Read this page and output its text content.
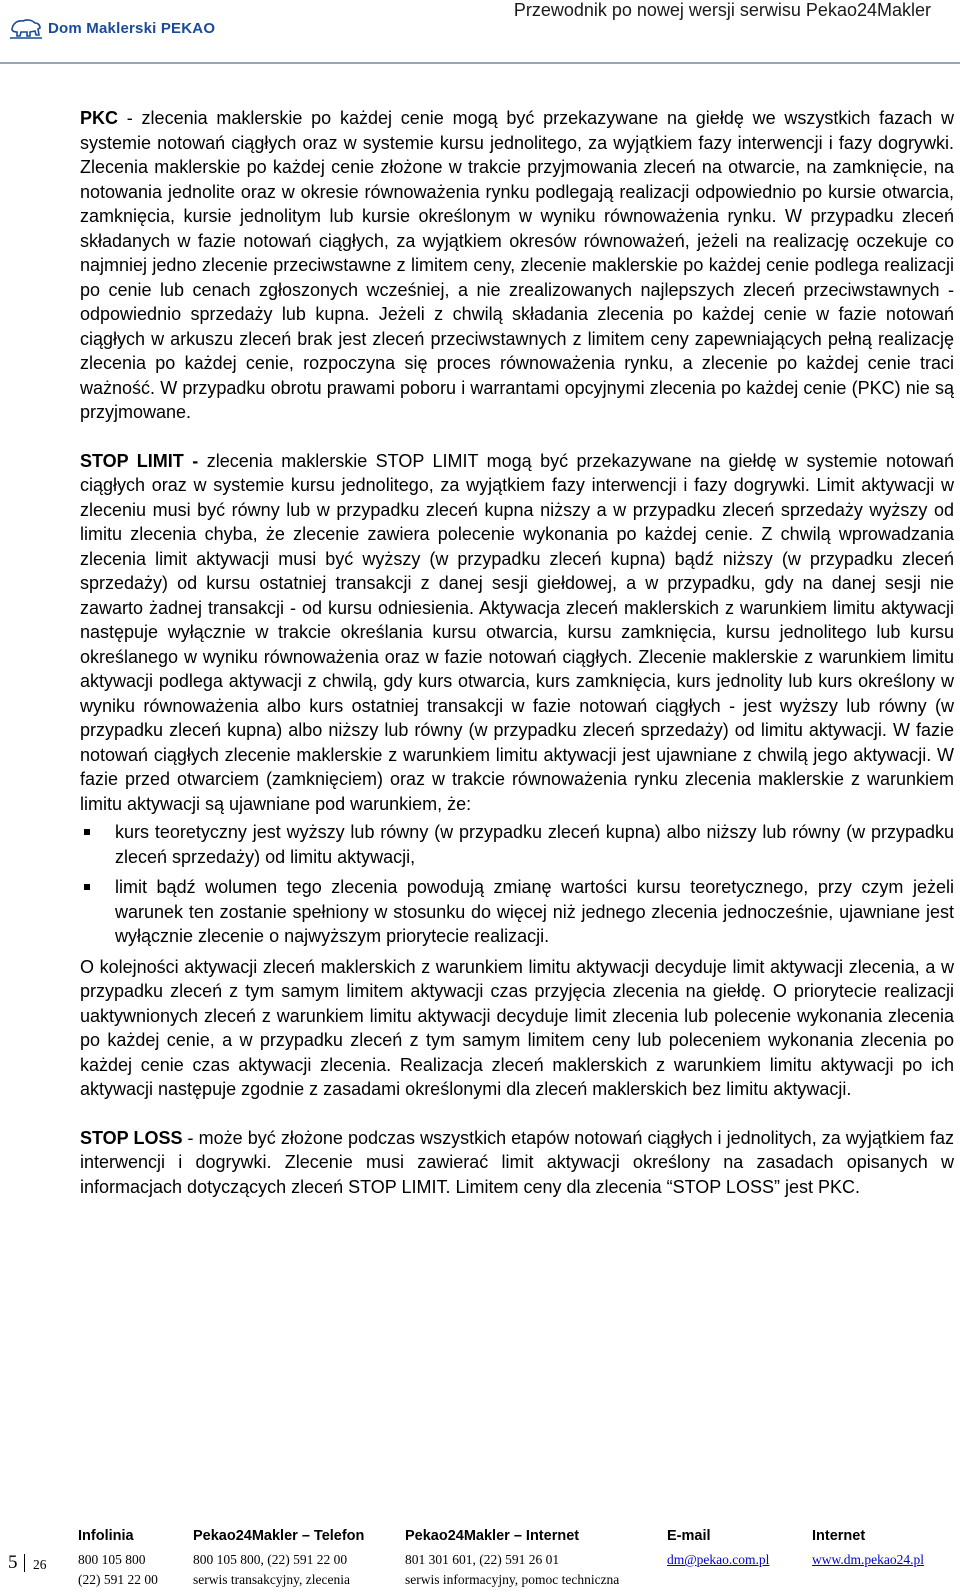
Dom Maklerski PEKAO
Przewodnik po nowej wersji serwisu Pekao24Makler

PKC - zlecenia maklerskie po każdej cenie mogą być przekazywane na giełdę we wszystkich fazach w systemie notowań ciągłych oraz w systemie kursu jednolitego, za wyjątkiem fazy interwencji i fazy dogrywki. Zlecenia maklerskie po każdej cenie złożone w trakcie przyjmowania zleceń na otwarcie, na zamknięcie, na notowania jednolite oraz w okresie równoważenia rynku podlegają realizacji odpowiednio po kursie otwarcia, zamknięcia, kursie jednolitym lub kursie określonym w wyniku równoważenia rynku. W przypadku zleceń składanych w fazie notowań ciągłych, za wyjątkiem okresów równoważeń, jeżeli na realizację oczekuje co najmniej jedno zlecenie przeciwstawne z limitem ceny, zlecenie maklerskie po każdej cenie podlega realizacji po cenie lub cenach zgłoszonych wcześniej, a nie zrealizowanych najlepszych zleceń przeciwstawnych - odpowiednio sprzedaży lub kupna. Jeżeli z chwilą składania zlecenia po każdej cenie w fazie notowań ciągłych w arkuszu zleceń brak jest zleceń przeciwstawnych z limitem ceny zapewniających pełną realizację zlecenia po każdej cenie, rozpoczyna się proces równoważenia rynku, a zlecenie po każdej cenie traci ważność. W przypadku obrotu prawami poboru i warrantami opcyjnymi zlecenia po każdej cenie (PKC) nie są przyjmowane.

STOP LIMIT - zlecenia maklerskie STOP LIMIT mogą być przekazywane na giełdę w systemie notowań ciągłych oraz w systemie kursu jednolitego, za wyjątkiem fazy interwencji i fazy dogrywki. Limit aktywacji w zleceniu musi być równy lub w przypadku zleceń kupna niższy a w przypadku zleceń sprzedaży wyższy od limitu zlecenia chyba, że zlecenie zawiera polecenie wykonania po każdej cenie. Z chwilą wprowadzania zlecenia limit aktywacji musi być wyższy (w przypadku zleceń kupna) bądź niższy (w przypadku zleceń sprzedaży) od kursu ostatniej transakcji z danej sesji giełdowej, a w przypadku, gdy na danej sesji nie zawarto żadnej transakcji - od kursu odniesienia. Aktywacja zleceń maklerskich z warunkiem limitu aktywacji następuje wyłącznie w trakcie określania kursu otwarcia, kursu zamknięcia, kursu jednolitego lub kursu określanego w wyniku równoważenia oraz w fazie notowań ciągłych. Zlecenie maklerskie z warunkiem limitu aktywacji podlega aktywacji z chwilą, gdy kurs otwarcia, kurs zamknięcia, kurs jednolity lub kurs określony w wyniku równoważenia albo kurs ostatniej transakcji w fazie notowań ciągłych - jest wyższy lub równy (w przypadku zleceń kupna) albo niższy lub równy (w przypadku zleceń sprzedaży) od limitu aktywacji. W fazie notowań ciągłych zlecenie maklerskie z warunkiem limitu aktywacji jest ujawniane z chwilą jego aktywacji. W fazie przed otwarciem (zamknięciem) oraz w trakcie równoważenia rynku zlecenia maklerskie z warunkiem limitu aktywacji są ujawniane pod warunkiem, że:

kurs teoretyczny jest wyższy lub równy (w przypadku zleceń kupna) albo niższy lub równy (w przypadku zleceń sprzedaży) od limitu aktywacji,
limit bądź wolumen tego zlecenia powodują zmianę wartości kursu teoretycznego, przy czym jeżeli warunek ten zostanie spełniony w stosunku do więcej niż jednego zlecenia jednocześnie, ujawniane jest wyłącznie zlecenie o najwyższym priorytecie realizacji.

O kolejności aktywacji zleceń maklerskich z warunkiem limitu aktywacji decyduje limit aktywacji zlecenia, a w przypadku zleceń z tym samym limitem aktywacji czas przyjęcia zlecenia na giełdę. O priorytecie realizacji uaktywnionych zleceń z warunkiem limitu aktywacji decyduje limit zlecenia lub polecenie wykonania zlecenia po każdej cenie, a w przypadku zleceń z tym samym limitem ceny lub poleceniem wykonania zlecenia po każdej cenie czas aktywacji zlecenia. Realizacja zleceń maklerskich z warunkiem limitu aktywacji po ich aktywacji następuje zgodnie z zasadami określonymi dla zleceń maklerskich bez limitu aktywacji.

STOP LOSS - może być złożone podczas wszystkich etapów notowań ciągłych i jednolitych, za wyjątkiem faz interwencji i dogrywki. Zlecenie musi zawierać limit aktywacji określony na zasadach opisanych w informacjach dotyczących zleceń STOP LIMIT. Limitem ceny dla zlecenia “STOP LOSS” jest PKC.

5 26
Infolinia
800 105 800
(22) 591 22 00
Pekao24Makler – Telefon
800 105 800, (22) 591 22 00
serwis transakcyjny, zlecenia
Pekao24Makler – Internet
801 301 601, (22) 591 26 01
serwis informacyjny, pomoc techniczna
E-mail
dm@pekao.com.pl
Internet
www.dm.pekao24.pl
